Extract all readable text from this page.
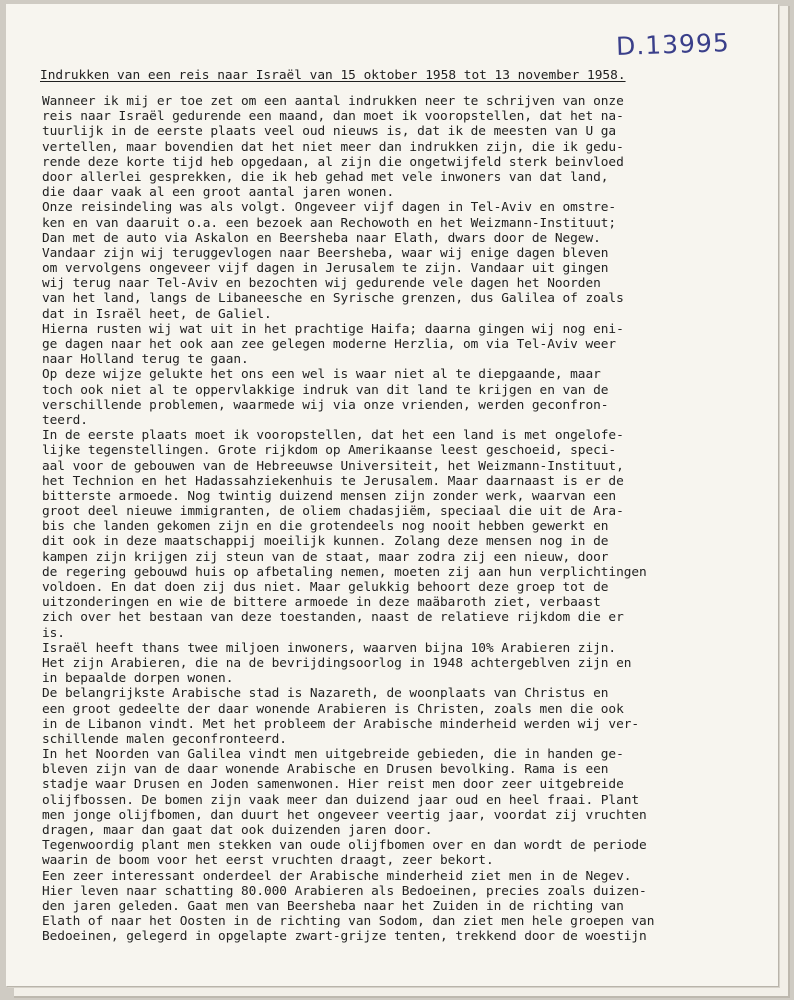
D.13995
Indrukken van een reis naar Israël van 15 oktober 1958 tot 13 november 1958.
Wanneer ik mij er toe zet om een aantal indrukken neer te schrijven van onze
reis naar Israël gedurende een maand, dan moet ik vooropstellen, dat het na-
tuurlijk in de eerste plaats veel oud nieuws is, dat ik de meesten van U ga
vertellen, maar bovendien dat het niet meer dan indrukken zijn, die ik gedu-
rende deze korte tijd heb opgedaan, al zijn die ongetwijfeld sterk beinvloed
door allerlei gesprekken, die ik heb gehad met vele inwoners van dat land,
die daar vaak al een groot aantal jaren wonen.
Onze reisindeling was als volgt. Ongeveer vijf dagen in Tel-Aviv en omstre-
ken en van daaruit o.a. een bezoek aan Rechowoth en het Weizmann-Instituut;
Dan met de auto via Askalon en Beersheba naar Elath, dwars door de Negew.
Vandaar zijn wij teruggevlogen naar Beersheba, waar wij enige dagen bleven
om vervolgens ongeveer vijf dagen in Jerusalem te zijn. Vandaar uit gingen
wij terug naar Tel-Aviv en bezochten wij gedurende vele dagen het Noorden
van het land, langs de Libaneesche en Syrische grenzen, dus Galilea of zoals
dat in Israël heet, de Galiel.
Hierna rusten wij wat uit in het prachtige Haifa; daarna gingen wij nog eni-
ge dagen naar het ook aan zee gelegen moderne Herzlia, om via Tel-Aviv weer
naar Holland terug te gaan.
Op deze wijze gelukte het ons een wel is waar niet al te diepgaande, maar
toch ook niet al te oppervlakkige indruk van dit land te krijgen en van de
verschillende problemen, waarmede wij via onze vrienden, werden geconfron-
teerd.
In de eerste plaats moet ik vooropstellen, dat het een land is met ongelofe-
lijke tegenstellingen. Grote rijkdom op Amerikaanse leest geschoeid, speci-
aal voor de gebouwen van de Hebreeuwse Universiteit, het Weizmann-Instituut,
het Technion en het Hadassahziekenhuis te Jerusalem. Maar daarnaast is er de
bitterste armoede. Nog twintig duizend mensen zijn zonder werk, waarvan een
groot deel nieuwe immigranten, de oliem chadasjiëm, speciaal die uit de Ara-
bis che landen gekomen zijn en die grotendeels nog nooit hebben gewerkt en
dit ook in deze maatschappij moeilijk kunnen. Zolang deze mensen nog in de
kampen zijn krijgen zij steun van de staat, maar zodra zij een nieuw, door
de regering gebouwd huis op afbetaling nemen, moeten zij aan hun verplichtingen
voldoen. En dat doen zij dus niet. Maar gelukkig behoort deze groep tot de
uitzonderingen en wie de bittere armoede in deze maäbaroth ziet, verbaast
zich over het bestaan van deze toestanden, naast de relatieve rijkdom die er
is.
Israël heeft thans twee miljoen inwoners, waarven bijna 10% Arabieren zijn.
Het zijn Arabieren, die na de bevrijdingsoorlog in 1948 achtergeblven zijn en
in bepaalde dorpen wonen.
De belangrijkste Arabische stad is Nazareth, de woonplaats van Christus en
een groot gedeelte der daar wonende Arabieren is Christen, zoals men die ook
in de Libanon vindt. Met het probleem der Arabische minderheid werden wij ver-
schillende malen geconfronteerd.
In het Noorden van Galilea vindt men uitgebreide gebieden, die in handen ge-
bleven zijn van de daar wonende Arabische en Drusen bevolking. Rama is een
stadje waar Drusen en Joden samenwonen. Hier reist men door zeer uitgebreide
olijfbossen. De bomen zijn vaak meer dan duizend jaar oud en heel fraai. Plant
men jonge olijfbomen, dan duurt het ongeveer veertig jaar, voordat zij vruchten
dragen, maar dan gaat dat ook duizenden jaren door.
Tegenwoordig plant men stekken van oude olijfbomen over en dan wordt de periode
waarin de boom voor het eerst vruchten draagt, zeer bekort.
Een zeer interessant onderdeel der Arabische minderheid ziet men in de Negev.
Hier leven naar schatting 80.000 Arabieren als Bedoeinen, precies zoals duizen-
den jaren geleden. Gaat men van Beersheba naar het Zuiden in de richting van
Elath of naar het Oosten in de richting van Sodom, dan ziet men hele groepen van
Bedoeinen, gelegerd in opgelapte zwart-grijze tenten, trekkend door de woestijn
